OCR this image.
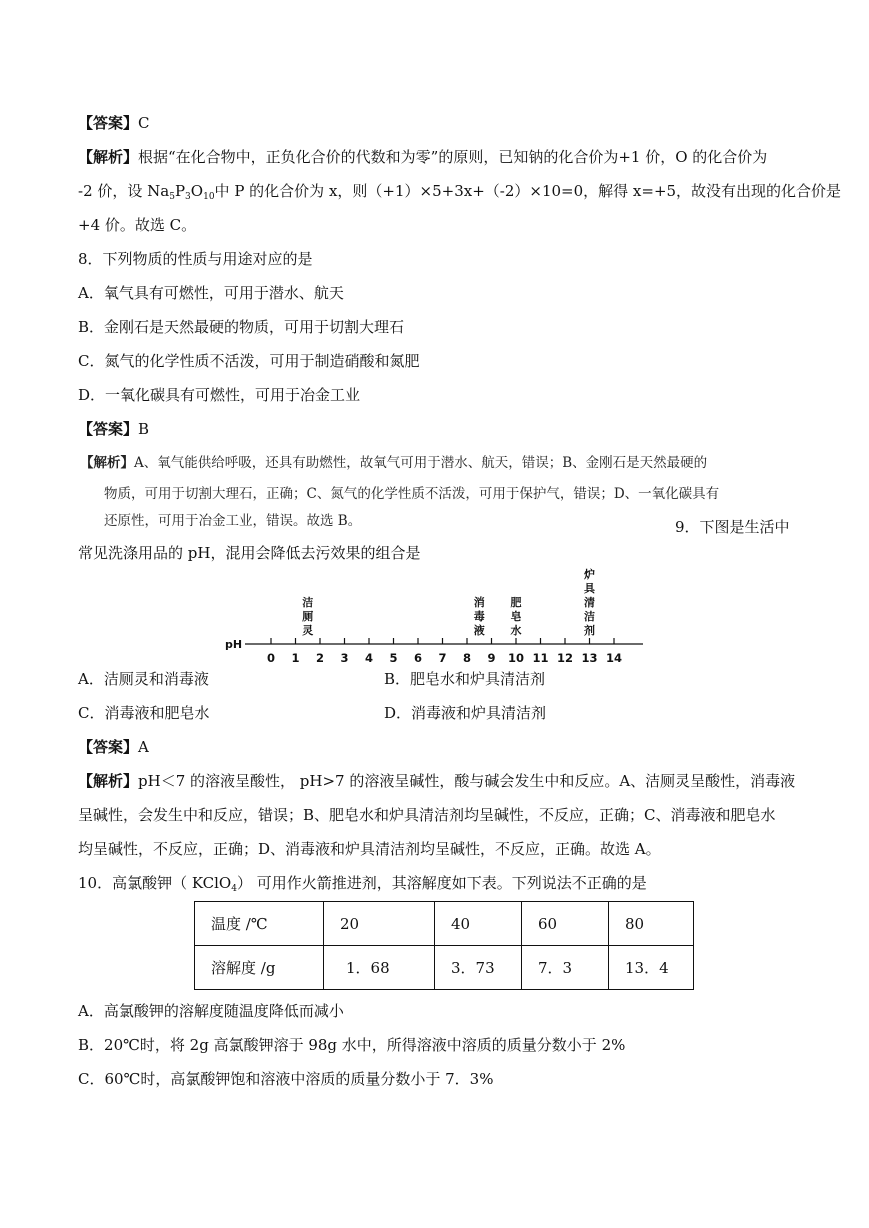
【答案】C
【解析】根据“在化合物中，正负化合价的代数和为零”的原则，已知钠的化合价为+1 价，O 的化合价为
-2 价，设 $Na_5P_3O_{10}$中 P 的化合价为 x，则（+1）×5+3x+（-2）×10=0，解得 x=+5，故没有出现的化合价是
+4 价。故选 C。
8．下列物质的性质与用途对应的是
A．氧气具有可燃性，可用于潜水、航天
B．金刚石是天然最硬的物质，可用于切割大理石
C．氮气的化学性质不活泼，可用于制造硝酸和氮肥
D．一氧化碳具有可燃性，可用于冶金工业
【答案】B
【解析】A、氧气能供给呼吸，还具有助燃性，故氧气可用于潜水、航天，错误；B、金刚石是天然最硬的
物质，可用于切割大理石，正确；C、氮气的化学性质不活泼，可用于保护气，错误；D、一氧化碳具有
还原性，可用于冶金工业，错误。故选 B。	9．下图是生活中
常见洗涤用品的 pH，混用会降低去污效果的组合是
pH
0 1 2 3 4 5 6 7 8 9 10 11 12 13 14
洁
厕
灵
消
毒
液
肥
皂
水
炉
具
清
洁
剂
A．洁厕灵和消毒液	B．肥皂水和炉具清洁剂
C．消毒液和肥皂水	D．消毒液和炉具清洁剂
【答案】A
【解析】pH＜7 的溶液呈酸性， pH>7 的溶液呈碱性，酸与碱会发生中和反应。A、洁厕灵呈酸性，消毒液
呈碱性，会发生中和反应，错误；B、肥皂水和炉具清洁剂均呈碱性，不反应，正确；C、消毒液和肥皂水
均呈碱性，不反应，正确；D、消毒液和炉具清洁剂均呈碱性，不反应，正确。故选 A。
10．高氯酸钾（ KClO$_4$） 可用作火箭推进剂，其溶解度如下表。下列说法不正确的是
温度 /℃	20	40	60	80
溶解度 /g	1．68	3．73	7．3	13．4
A．高氯酸钾的溶解度随温度降低而减小
B．20℃时，将 2g 高氯酸钾溶于 98g 水中，所得溶液中溶质的质量分数小于 2%
C．60℃时，高氯酸钾饱和溶液中溶质的质量分数小于 7．3%
